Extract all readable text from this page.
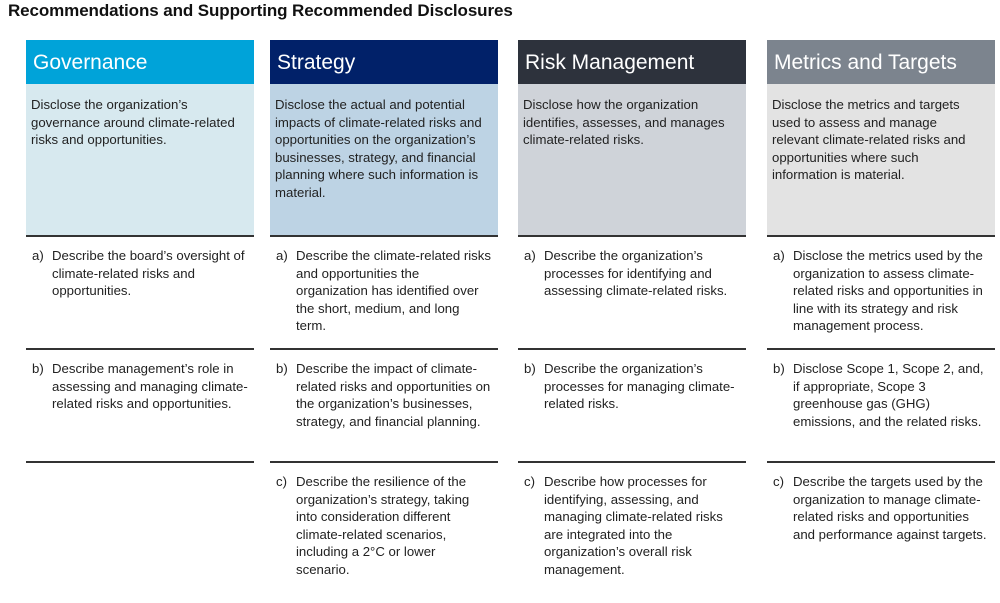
Recommendations and Supporting Recommended Disclosures
Governance
Disclose the organization’s governance around climate-related risks and opportunities.
Strategy
Disclose the actual and potential impacts of climate-related risks and opportunities on the organization’s businesses, strategy, and financial planning where such information is material.
Risk Management
Disclose how the organization identifies, assesses, and manages climate-related risks.
Metrics and Targets
Disclose the metrics and targets used to assess and manage relevant climate-related risks and opportunities where such information is material.
a) Describe the board’s oversight of climate-related risks and opportunities.
b) Describe management’s role in assessing and managing climate-related risks and opportunities.
a) Describe the climate-related risks and opportunities the organization has identified over the short, medium, and long term.
b) Describe the impact of climate-related risks and opportunities on the organization’s businesses, strategy, and financial planning.
c) Describe the resilience of the organization’s strategy, taking into consideration different climate-related scenarios, including a 2°C or lower scenario.
a) Describe the organization’s processes for identifying and assessing climate-related risks.
b) Describe the organization’s processes for managing climate-related risks.
c) Describe how processes for identifying, assessing, and managing climate-related risks are integrated into the organization’s overall risk management.
a) Disclose the metrics used by the organization to assess climate-related risks and opportunities in line with its strategy and risk management process.
b) Disclose Scope 1, Scope 2, and, if appropriate, Scope 3 greenhouse gas (GHG) emissions, and the related risks.
c) Describe the targets used by the organization to manage climate-related risks and opportunities and performance against targets.
